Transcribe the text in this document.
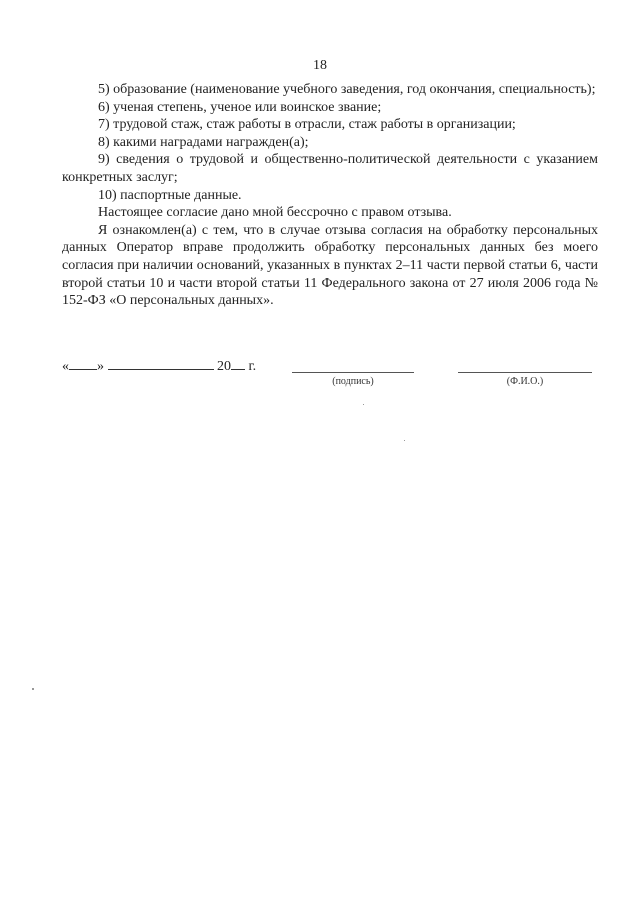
18

5) образование (наименование учебного заведения, год окончания, специальность);

6) ученая степень, ученое или воинское звание;

7) трудовой стаж, стаж работы в отрасли, стаж работы в организации;

8) какими наградами награжден(а);

9) сведения о трудовой и общественно-политической деятельности с указанием конкретных заслуг;

10) паспортные данные.

Настоящее согласие дано мной бессрочно с правом отзыва.

Я ознакомлен(а) с тем, что в случае отзыва согласия на обработку персональных данных Оператор вправе продолжить обработку персональных данных без моего согласия при наличии оснований, указанных в пунктах 2–11 части первой статьи 6, части второй статьи 10 и части второй статьи 11 Федерального закона от 27 июля 2006 года № 152-ФЗ «О персональных данных».

« »	20 г.
(подпись)	(Ф.И.О.)
